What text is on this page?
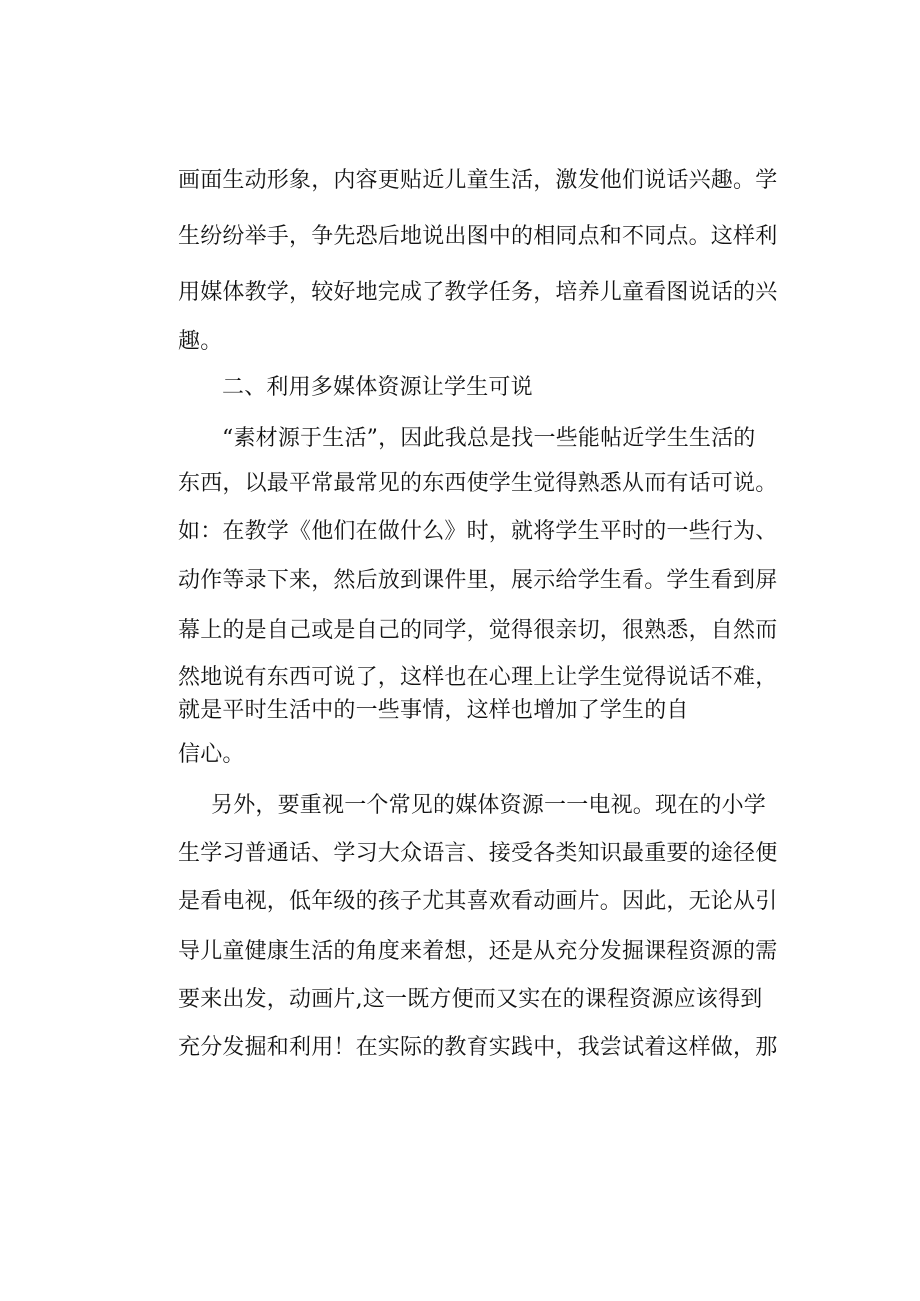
画面生动形象，内容更贴近儿童生活，激发他们说话兴趣。学
生纷纷举手，争先恐后地说出图中的相同点和不同点。这样利
用媒体教学，较好地完成了教学任务，培养儿童看图说话的兴
趣。
二、利用多媒体资源让学生可说
“素材源于生活”，因此我总是找一些能帖近学生生活的
东西，以最平常最常见的东西使学生觉得熟悉从而有话可说。
如：在教学《他们在做什么》时，就将学生平时的一些行为、
动作等录下来，然后放到课件里，展示给学生看。学生看到屏
幕上的是自己或是自己的同学，觉得很亲切，很熟悉，自然而
然地说有东西可说了，这样也在心理上让学生觉得说话不难，
就是平时生活中的一些事情，这样也增加了学生的自
信心。
另外，要重视一个常见的媒体资源一一电视。现在的小学
生学习普通话、学习大众语言、接受各类知识最重要的途径便
是看电视，低年级的孩子尤其喜欢看动画片。因此，无论从引
导儿童健康生活的角度来着想，还是从充分发掘课程资源的需
要来出发，动画片,这一既方便而又实在的课程资源应该得到
充分发掘和利用！在实际的教育实践中，我尝试着这样做，那
